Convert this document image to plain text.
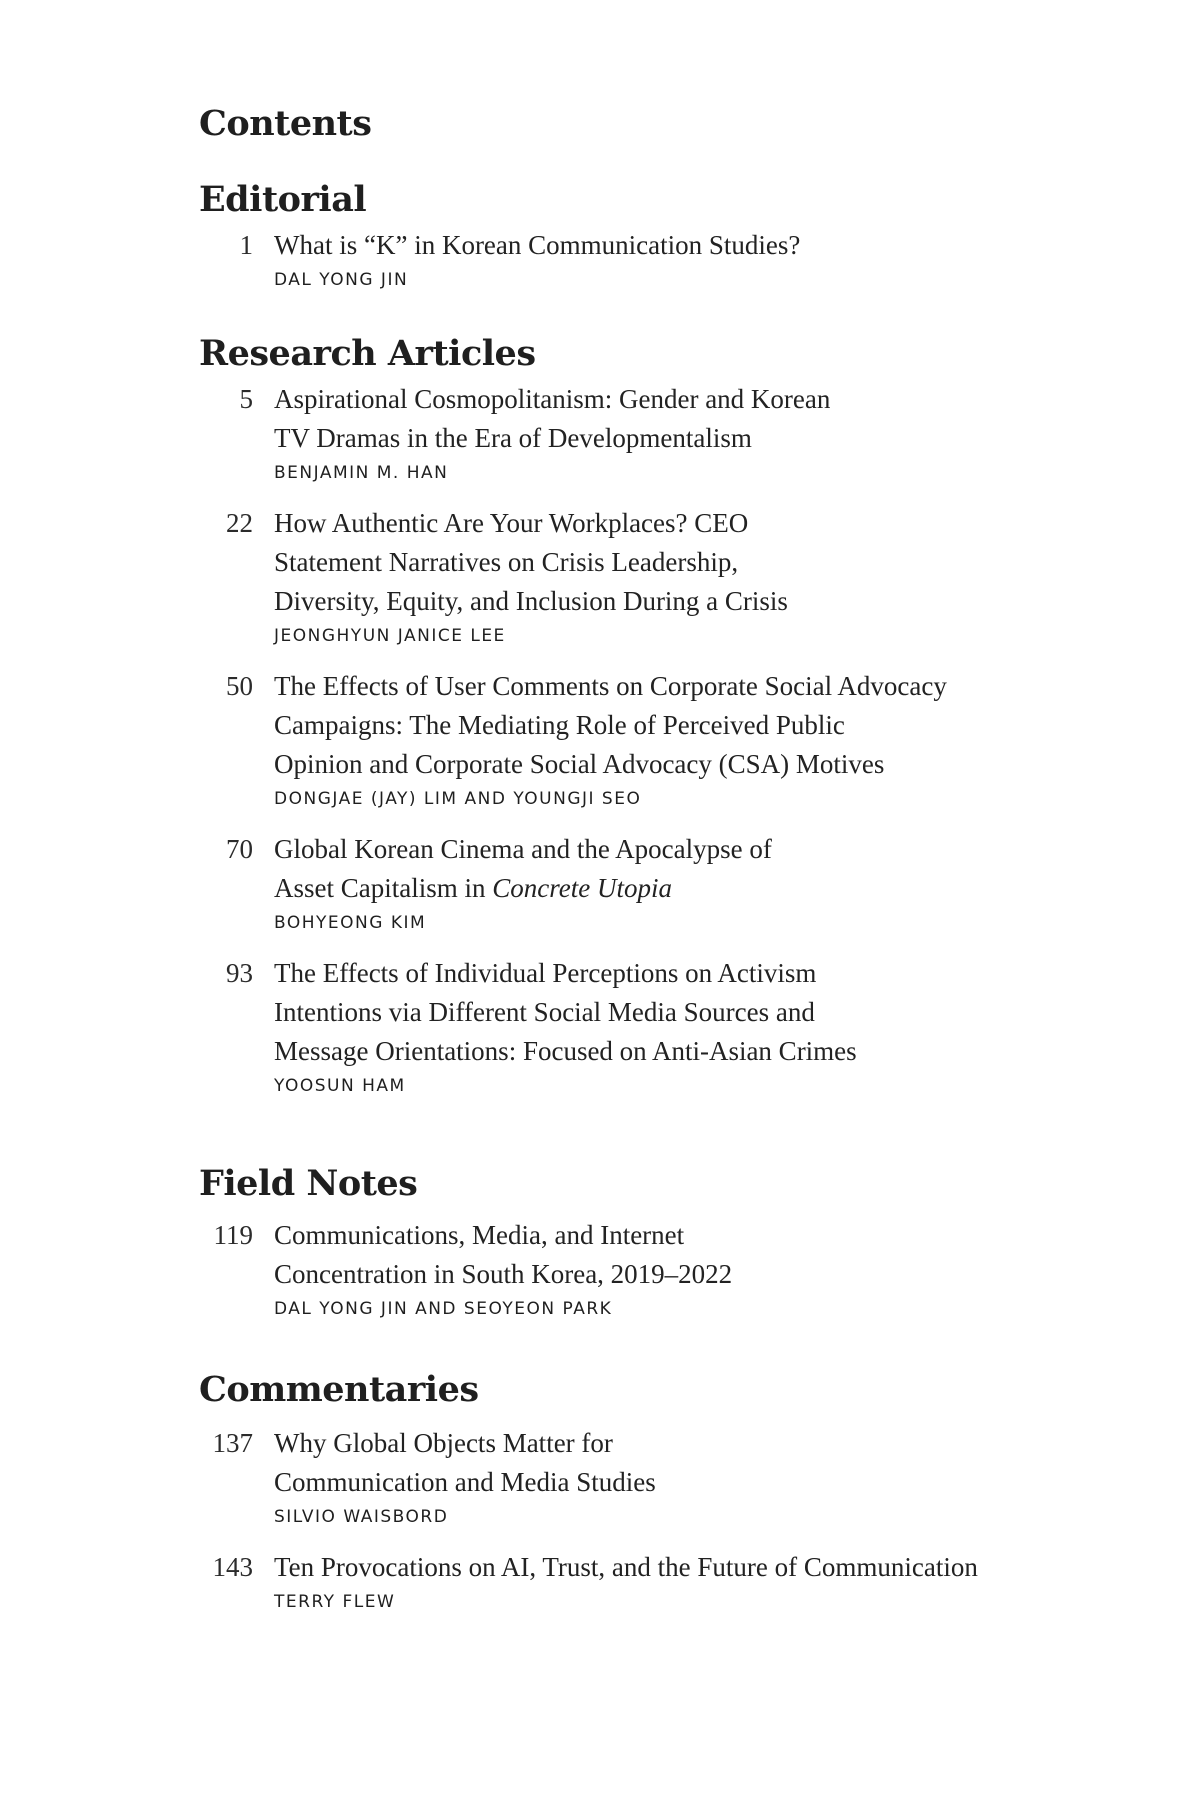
Contents
Editorial
1 What is “K” in Korean Communication Studies?
DAL YONG JIN
Research Articles
5 Aspirational Cosmopolitanism: Gender and Korean
TV Dramas in the Era of Developmentalism
BENJAMIN M. HAN
22 How Authentic Are Your Workplaces? CEO
Statement Narratives on Crisis Leadership,
Diversity, Equity, and Inclusion During a Crisis
JEONGHYUN JANICE LEE
50 The Effects of User Comments on Corporate Social Advocacy
Campaigns: The Mediating Role of Perceived Public
Opinion and Corporate Social Advocacy (CSA) Motives
DONGJAE (JAY) LIM AND YOUNGJI SEO
70 Global Korean Cinema and the Apocalypse of
Asset Capitalism in Concrete Utopia
BOHYEONG KIM
93 The Effects of Individual Perceptions on Activism
Intentions via Different Social Media Sources and
Message Orientations: Focused on Anti-Asian Crimes
YOOSUN HAM
Field Notes
119 Communications, Media, and Internet
Concentration in South Korea, 2019–2022
DAL YONG JIN AND SEOYEON PARK
Commentaries
137 Why Global Objects Matter for
Communication and Media Studies
SILVIO WAISBORD
143 Ten Provocations on AI, Trust, and the Future of Communication
TERRY FLEW
